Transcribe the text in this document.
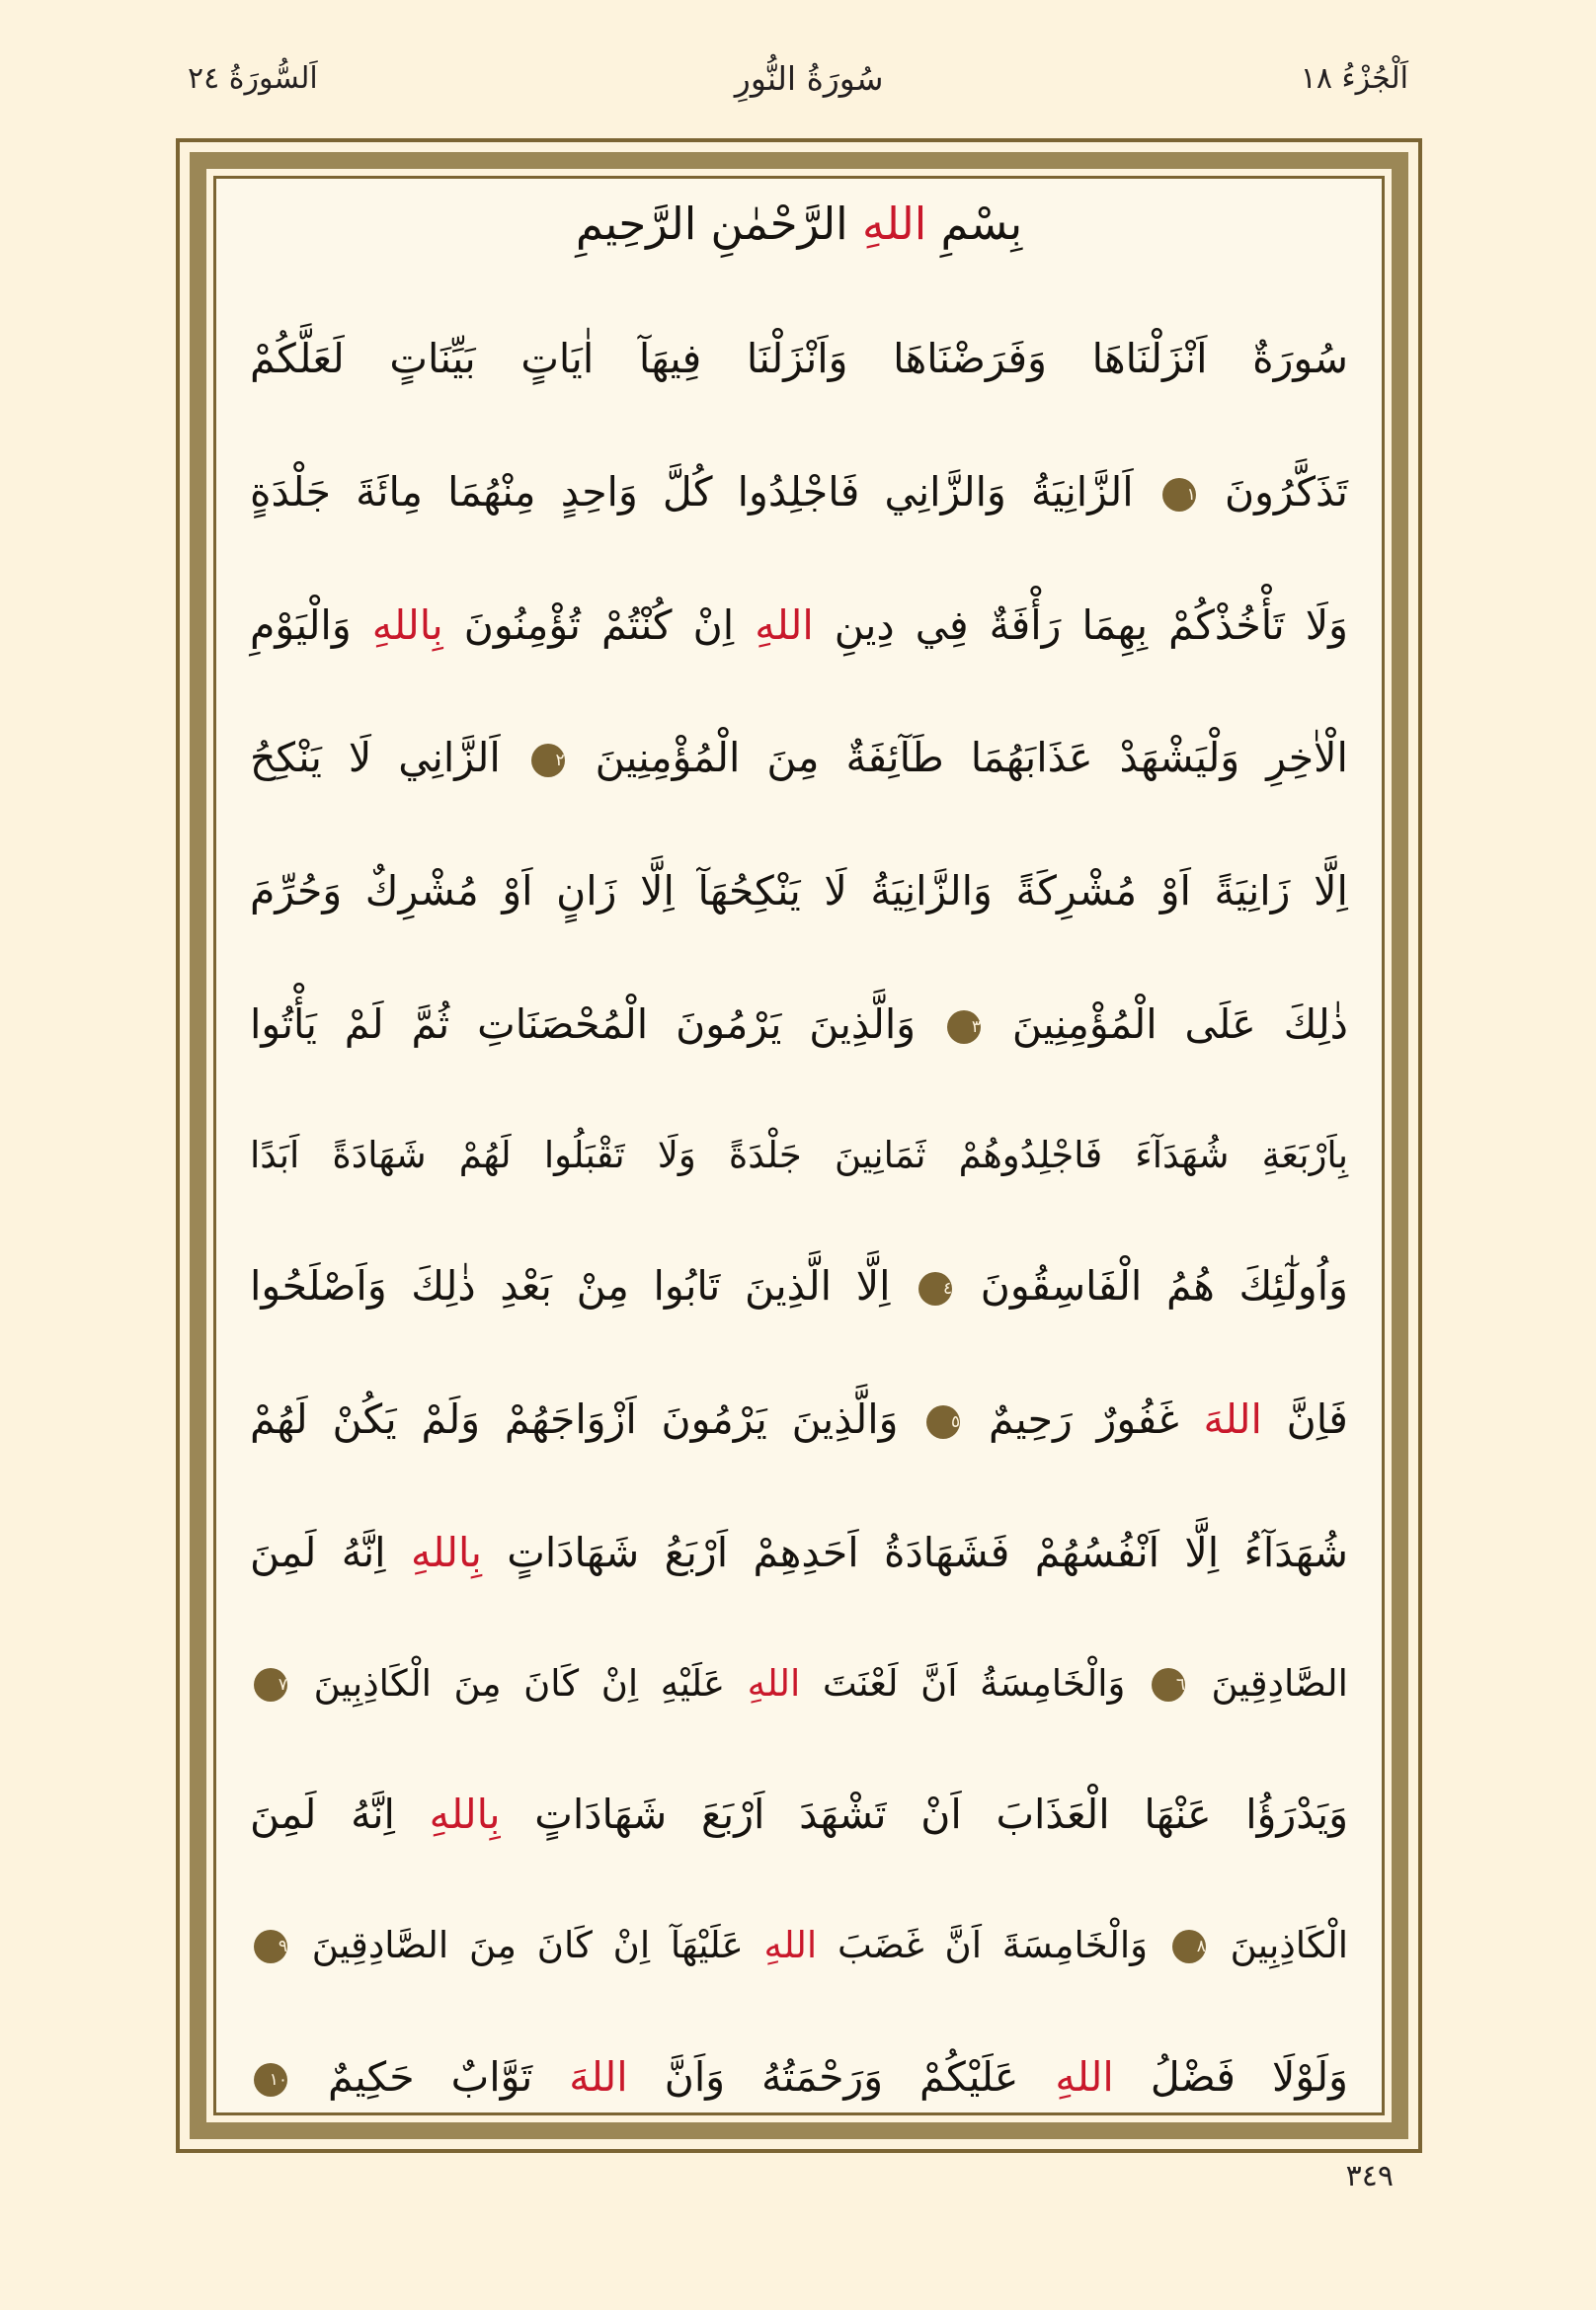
اَلسُّورَةُ ٢٤	سُورَةُ النُّورِ	اَلْجُزْءُ ١٨
بِسْمِ اللهِ الرَّحْمٰنِ الرَّحِيمِ
سُورَةٌ اَنْزَلْنَاهَا وَفَرَضْنَاهَا وَاَنْزَلْنَا فِيهَآ اٰيَاتٍ بَيِّنَاتٍ لَعَلَّكُمْ
تَذَكَّرُونَ ١ اَلزَّانِيَةُ وَالزَّانِي فَاجْلِدُوا كُلَّ وَاحِدٍ مِنْهُمَا مِائَةَ جَلْدَةٍ
وَلَا تَأْخُذْكُمْ بِهِمَا رَأْفَةٌ فِي دِينِ اللهِ اِنْ كُنْتُمْ تُؤْمِنُونَ بِاللهِ وَالْيَوْمِ
الْاٰخِرِ وَلْيَشْهَدْ عَذَابَهُمَا طَآئِفَةٌ مِنَ الْمُؤْمِنِينَ ٢ اَلزَّانِي لَا يَنْكِحُ
اِلَّا زَانِيَةً اَوْ مُشْرِكَةً وَالزَّانِيَةُ لَا يَنْكِحُهَآ اِلَّا زَانٍ اَوْ مُشْرِكٌ وَحُرِّمَ
ذٰلِكَ عَلَى الْمُؤْمِنِينَ ٣ وَالَّذِينَ يَرْمُونَ الْمُحْصَنَاتِ ثُمَّ لَمْ يَأْتُوا
بِاَرْبَعَةِ شُهَدَآءَ فَاجْلِدُوهُمْ ثَمَانِينَ جَلْدَةً وَلَا تَقْبَلُوا لَهُمْ شَهَادَةً اَبَدًا
وَاُولٰٓئِكَ هُمُ الْفَاسِقُونَ ٤ اِلَّا الَّذِينَ تَابُوا مِنْ بَعْدِ ذٰلِكَ وَاَصْلَحُوا
فَاِنَّ اللهَ غَفُورٌ رَحِيمٌ ٥ وَالَّذِينَ يَرْمُونَ اَزْوَاجَهُمْ وَلَمْ يَكُنْ لَهُمْ
شُهَدَآءُ اِلَّا اَنْفُسُهُمْ فَشَهَادَةُ اَحَدِهِمْ اَرْبَعُ شَهَادَاتٍ بِاللهِ اِنَّهُ لَمِنَ
الصَّادِقِينَ ٦ وَالْخَامِسَةُ اَنَّ لَعْنَتَ اللهِ عَلَيْهِ اِنْ كَانَ مِنَ الْكَاذِبِينَ ٧
وَيَدْرَؤُا عَنْهَا الْعَذَابَ اَنْ تَشْهَدَ اَرْبَعَ شَهَادَاتٍ بِاللهِ اِنَّهُ لَمِنَ
الْكَاذِبِينَ ٨ وَالْخَامِسَةَ اَنَّ غَضَبَ اللهِ عَلَيْهَآ اِنْ كَانَ مِنَ الصَّادِقِينَ ٩
وَلَوْلَا فَضْلُ اللهِ عَلَيْكُمْ وَرَحْمَتُهُ وَاَنَّ اللهَ تَوَّابٌ حَكِيمٌ ١٠
٣٤٩
